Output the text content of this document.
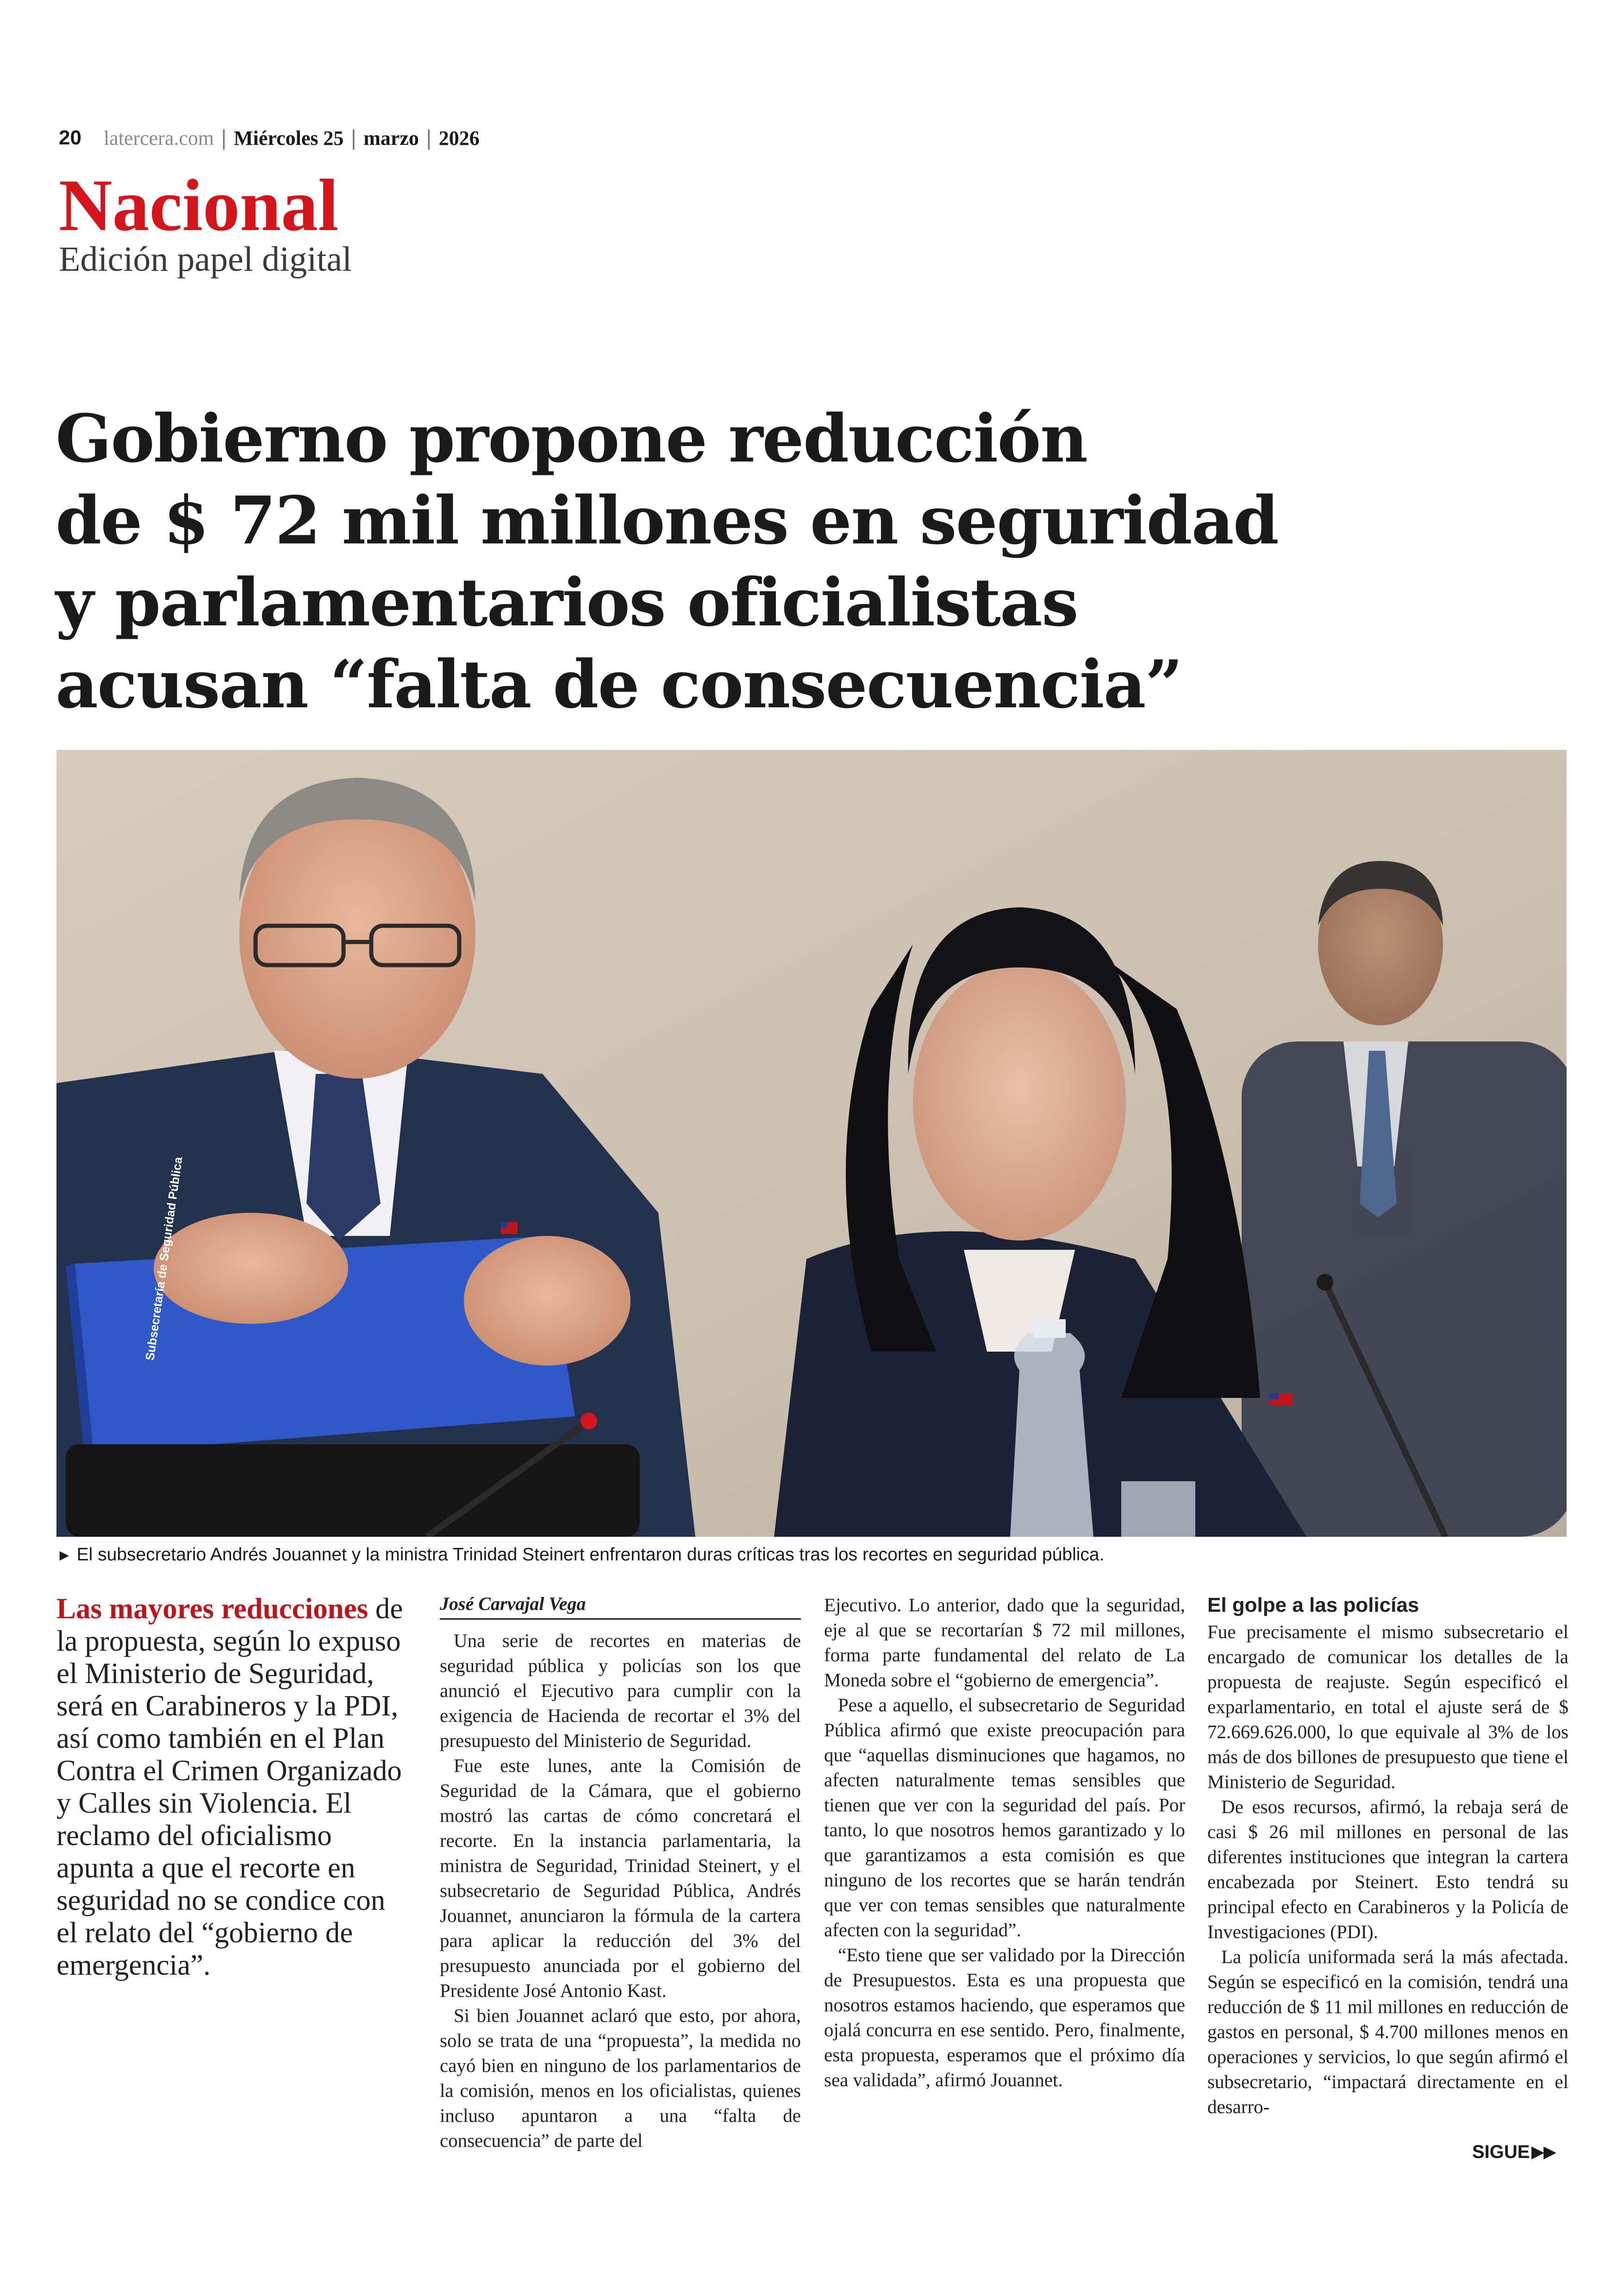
20 latercera.com | Miércoles 25 | marzo | 2026
Nacional
Edición papel digital
Gobierno propone reducción
de $ 72 mil millones en seguridad
y parlamentarios oficialistas
acusan “falta de consecuencia”
Subsecretaría de Seguridad Pública
► El subsecretario Andrés Jouannet y la ministra Trinidad Steinert enfrentaron duras críticas tras los recortes en seguridad pública.

Las mayores reducciones de la propuesta, según lo expuso el Ministerio de Seguridad, será en Carabineros y la PDI, así como también en el Plan Contra el Crimen Organizado y Calles sin Violencia. El reclamo del oficialismo apunta a que el recorte en seguridad no se condice con el relato del “gobierno de emergencia”.

José Carvajal Vega

Una serie de recortes en materias de seguridad pública y policías son los que anunció el Ejecutivo para cumplir con la exigencia de Hacienda de recortar el 3% del presupuesto del Ministerio de Seguridad.

Fue este lunes, ante la Comisión de Seguridad de la Cámara, que el gobierno mostró las cartas de cómo concretará el recorte. En la instancia parlamentaria, la ministra de Seguridad, Trinidad Steinert, y el subsecretario de Seguridad Pública, Andrés Jouannet, anunciaron la fórmula de la cartera para aplicar la reducción del 3% del presupuesto anunciada por el gobierno del Presidente José Antonio Kast.

Si bien Jouannet aclaró que esto, por ahora, solo se trata de una “propuesta”, la medida no cayó bien en ninguno de los parlamentarios de la comisión, menos en los oficialistas, quienes incluso apuntaron a una “falta de consecuencia” de parte del

Ejecutivo. Lo anterior, dado que la seguridad, eje al que se recortarían $ 72 mil millones, forma parte fundamental del relato de La Moneda sobre el “gobierno de emergencia”.

Pese a aquello, el subsecretario de Seguridad Pública afirmó que existe preocupación para que “aquellas disminuciones que hagamos, no afecten naturalmente temas sensibles que tienen que ver con la seguridad del país. Por tanto, lo que nosotros hemos garantizado y lo que garantizamos a esta comisión es que ninguno de los recortes que se harán tendrán que ver con temas sensibles que naturalmente afecten con la seguridad”.

“Esto tiene que ser validado por la Dirección de Presupuestos. Esta es una propuesta que nosotros estamos haciendo, que esperamos que ojalá concurra en ese sentido. Pero, finalmente, esta propuesta, esperamos que el próximo día sea validada”, afirmó Jouannet.

El golpe a las policías

Fue precisamente el mismo subsecretario el encargado de comunicar los detalles de la propuesta de reajuste. Según especificó el exparlamentario, en total el ajuste será de $ 72.669.626.000, lo que equivale al 3% de los más de dos billones de presupuesto que tiene el Ministerio de Seguridad.

De esos recursos, afirmó, la rebaja será de casi $ 26 mil millones en personal de las diferentes instituciones que integran la cartera encabezada por Steinert. Esto tendrá su principal efecto en Carabineros y la Policía de Investigaciones (PDI).

La policía uniformada será la más afectada. Según se especificó en la comisión, tendrá una reducción de $ 11 mil millones en reducción de gastos en personal, $ 4.700 millones menos en operaciones y servicios, lo que según afirmó el subsecretario, “impactará directamente en el desarro-

SIGUE ▶▶
